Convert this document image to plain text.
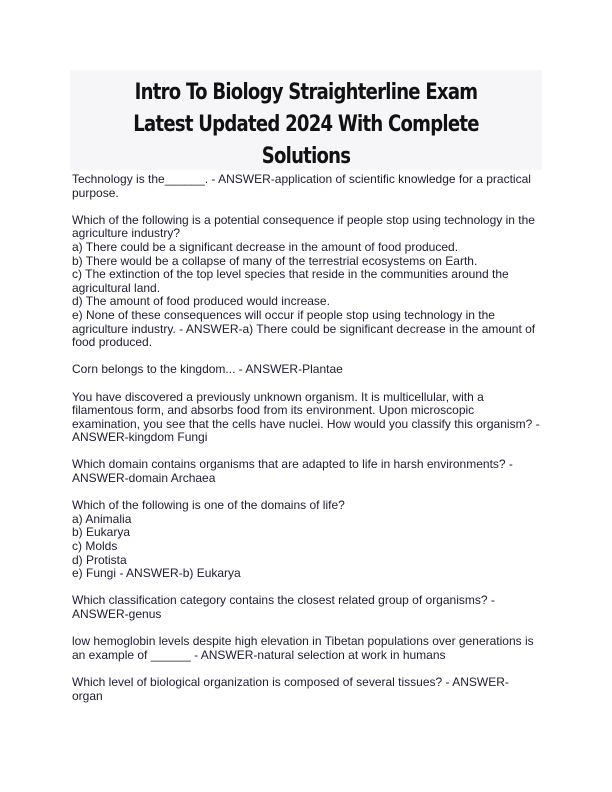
Intro To Biology Straighterline Exam Latest Updated 2024 With Complete Solutions
Technology is the______. - ANSWER-application of scientific knowledge for a practical
purpose.
Which of the following is a potential consequence if people stop using technology in the
agriculture industry?
a) There could be a significant decrease in the amount of food produced.
b) There would be a collapse of many of the terrestrial ecosystems on Earth.
c) The extinction of the top level species that reside in the communities around the
agricultural land.
d) The amount of food produced would increase.
e) None of these consequences will occur if people stop using technology in the
agriculture industry. - ANSWER-a) There could be significant decrease in the amount of
food produced.
Corn belongs to the kingdom... - ANSWER-Plantae
You have discovered a previously unknown organism. It is multicellular, with a
filamentous form, and absorbs food from its environment. Upon microscopic
examination, you see that the cells have nuclei. How would you classify this organism? -
ANSWER-kingdom Fungi
Which domain contains organisms that are adapted to life in harsh environments? -
ANSWER-domain Archaea
Which of the following is one of the domains of life?
a) Animalia
b) Eukarya
c) Molds
d) Protista
e) Fungi - ANSWER-b) Eukarya
Which classification category contains the closest related group of organisms? -
ANSWER-genus
low hemoglobin levels despite high elevation in Tibetan populations over generations is
an example of ______ - ANSWER-natural selection at work in humans
Which level of biological organization is composed of several tissues? - ANSWER-
organ
